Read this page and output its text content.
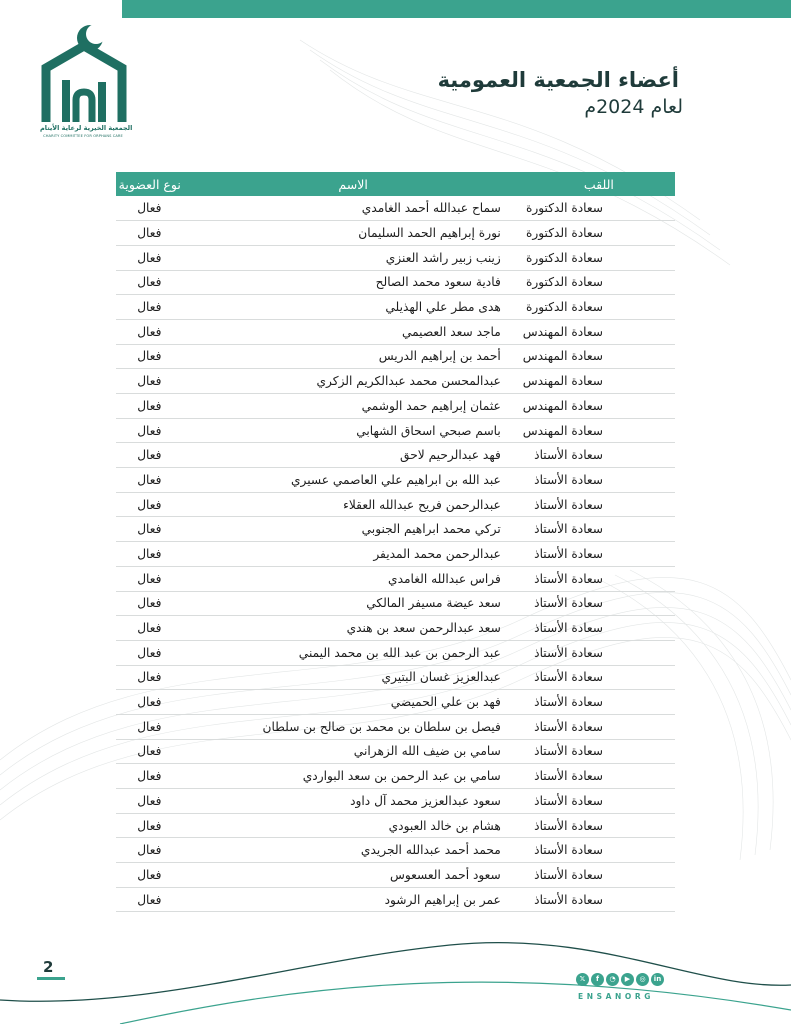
الجمعية الخيرية لرعاية الأيتام
CHARITY COMMITTEE FOR ORPHANS CARE
أعضاء الجمعية العمومية
لعام 2024م
اللقب	الاسم	نوع العضوية
سعادة الدكتورة	سماح عبدالله أحمد الغامدي	فعال
سعادة الدكتورة	نورة إبراهيم الحمد السليمان	فعال
سعادة الدكتورة	زينب زبير راشد العنزي	فعال
سعادة الدكتورة	فادية سعود محمد الصالح	فعال
سعادة الدكتورة	هدى مطر علي الهذيلي	فعال
سعادة المهندس	ماجد سعد العصيمي	فعال
سعادة المهندس	أحمد بن إبراهيم الدريس	فعال
سعادة المهندس	عبدالمحسن محمد عبدالكريم الزكري	فعال
سعادة المهندس	عثمان إبراهيم حمد الوشمي	فعال
سعادة المهندس	باسم صبحي اسحاق الشهابي	فعال
سعادة الأستاذ	فهد عبدالرحيم لاحق	فعال
سعادة الأستاذ	عبد الله بن ابراهيم علي العاصمي عسيري	فعال
سعادة الأستاذ	عبدالرحمن فريح عبدالله العقلاء	فعال
سعادة الأستاذ	تركي محمد ابراهيم الجنوبي	فعال
سعادة الأستاذ	عبدالرحمن محمد المديفر	فعال
سعادة الأستاذ	فراس عبدالله الغامدي	فعال
سعادة الأستاذ	سعد عيضة مسيفر المالكي	فعال
سعادة الأستاذ	سعد عبدالرحمن سعد بن هندي	فعال
سعادة الأستاذ	عبد الرحمن بن عبد الله بن محمد اليمني	فعال
سعادة الأستاذ	عبدالعزيز غسان البتيري	فعال
سعادة الأستاذ	فهد بن علي الحميضي	فعال
سعادة الأستاذ	فيصل بن سلطان بن محمد بن صالح بن سلطان	فعال
سعادة الأستاذ	سامي بن ضيف الله الزهراني	فعال
سعادة الأستاذ	سامي بن عبد الرحمن بن سعد البواردي	فعال
سعادة الأستاذ	سعود عبدالعزيز محمد آل داود	فعال
سعادة الأستاذ	هشام بن خالد العبودي	فعال
سعادة الأستاذ	محمد أحمد عبدالله الجريدي	فعال
سعادة الأستاذ	سعود أحمد العسعوس	فعال
سعادة الأستاذ	عمر بن إبراهيم الرشود	فعال
2
𝕏	f	◔	▶	◎	in
ENSANORG
